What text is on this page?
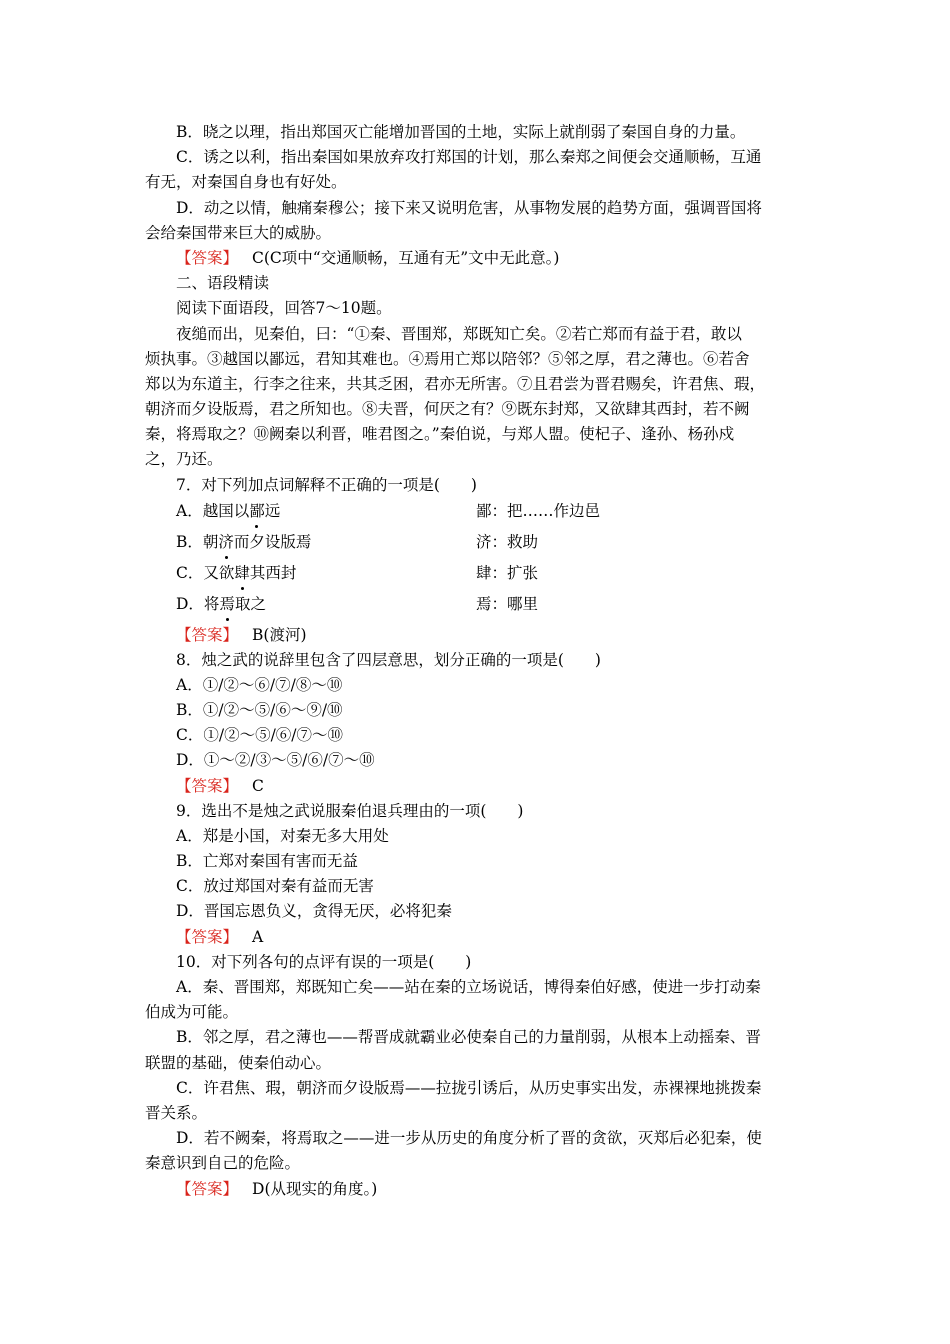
B．晓之以理，指出郑国灭亡能增加晋国的土地，实际上就削弱了秦国自身的力量。
C．诱之以利，指出秦国如果放弃攻打郑国的计划，那么秦郑之间便会交通顺畅，互通
有无，对秦国自身也有好处。
D．动之以情，触痛秦穆公；接下来又说明危害，从事物发展的趋势方面，强调晋国将
会给秦国带来巨大的威胁。
【答案】 C(C项中“交通顺畅，互通有无”文中无此意。)
二、语段精读
阅读下面语段，回答7～10题。
夜缒而出，见秦伯，曰：“①秦、晋围郑，郑既知亡矣。②若亡郑而有益于君，敢以
烦执事。③越国以鄙远，君知其难也。④焉用亡郑以陪邻？⑤邻之厚，君之薄也。⑥若舍
郑以为东道主，行李之往来，共其乏困，君亦无所害。⑦且君尝为晋君赐矣，许君焦、瑕，
朝济而夕设版焉，君之所知也。⑧夫晋，何厌之有？⑨既东封郑，又欲肆其西封，若不阙
秦，将焉取之？⑩阙秦以利晋，唯君图之。”秦伯说，与郑人盟。使杞子、逢孙、杨孙戍
之，乃还。
7．对下列加点词解释不正确的一项是(　　)
A．越国以鄙远	鄙：把……作边邑
B．朝济而夕设版焉	济：救助
C．又欲肆其西封	肆：扩张
D．将焉取之	焉：哪里
【答案】 B(渡河)
8．烛之武的说辞里包含了四层意思，划分正确的一项是(　　)
A．①/②～⑥/⑦/⑧～⑩
B．①/②～⑤/⑥～⑨/⑩
C．①/②～⑤/⑥/⑦～⑩
D．①～②/③～⑤/⑥/⑦～⑩
【答案】 C
9．选出不是烛之武说服秦伯退兵理由的一项(　　)
A．郑是小国，对秦无多大用处
B．亡郑对秦国有害而无益
C．放过郑国对秦有益而无害
D．晋国忘恩负义，贪得无厌，必将犯秦
【答案】 A
10．对下列各句的点评有误的一项是(　　)
A．秦、晋围郑，郑既知亡矣——站在秦的立场说话，博得秦伯好感，使进一步打动秦
伯成为可能。
B．邻之厚，君之薄也——帮晋成就霸业必使秦自己的力量削弱，从根本上动摇秦、晋
联盟的基础，使秦伯动心。
C．许君焦、瑕，朝济而夕设版焉——拉拢引诱后，从历史事实出发，赤裸裸地挑拨秦
晋关系。
D．若不阙秦，将焉取之——进一步从历史的角度分析了晋的贪欲，灭郑后必犯秦，使
秦意识到自己的危险。
【答案】 D(从现实的角度。)
